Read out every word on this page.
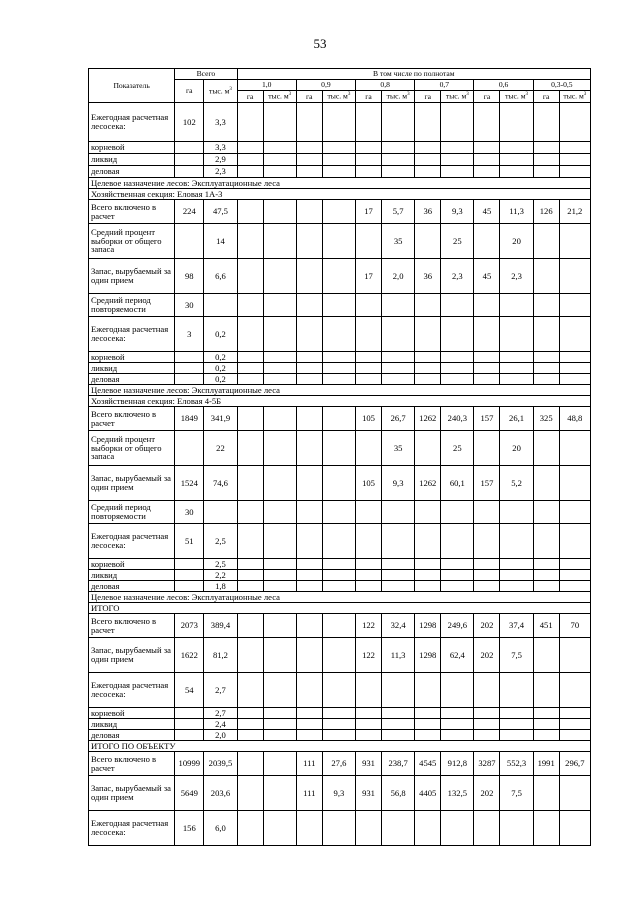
53
Показатель	Всего		В том числе по полнотам											
	га	тыс. $м^3$	1,0		0,9		0,8		0,7		0,6		0,3-0,5	
			га	тыс. $м^3$	га	тыс. $м^3$	га	тыс. $м^3$	га	тыс. $м^3$	га	тыс. $м^3$	га	тыс. $м^3$
Ежегодная расчетная лесосека:	102	3,3												
корневой		3,3												
ликвид		2,9												
деловая		2,3												
Целевое назначение лесов: Эксплуатационные леса														
Хозяйственная секция: Еловая 1А-3														
Всего включено в расчет	224	47,5					17	5,7	36	9,3	45	11,3	126	21,2
Средний процент выборки от общего запаса		14						35		25		20		
Запас, вырубаемый за один прием	98	6,6					17	2,0	36	2,3	45	2,3		
Средний период повторяемости	30													
Ежегодная расчетная лесосека:	3	0,2												
корневой		0,2												
ликвид		0,2												
деловая		0,2												
Целевое назначение лесов: Эксплуатационные леса														
Хозяйственная секция: Еловая 4-5Б														
Всего включено в расчет	1849	341,9					105	26,7	1262	240,3	157	26,1	325	48,8
Средний процент выборки от общего запаса		22						35		25		20		
Запас, вырубаемый за один прием	1524	74,6					105	9,3	1262	60,1	157	5,2		
Средний период повторяемости	30													
Ежегодная расчетная лесосека:	51	2,5												
корневой		2,5												
ликвид		2,2												
деловая		1,8												
Целевое назначение лесов: Эксплуатационные леса														
ИТОГО														
Всего включено в расчет	2073	389,4					122	32,4	1298	249,6	202	37,4	451	70
Запас, вырубаемый за один прием	1622	81,2					122	11,3	1298	62,4	202	7,5		
Ежегодная расчетная лесосека:	54	2,7												
корневой		2,7												
ликвид		2,4												
деловая		2,0												
ИТОГО ПО ОБЪЕКТУ														
Всего включено в расчет	10999	2039,5			111	27,6	931	238,7	4545	912,8	3287	552,3	1991	296,7
Запас, вырубаемый за один прием	5649	203,6			111	9,3	931	56,8	4405	132,5	202	7,5		
Ежегодная расчетная лесосека:	156	6,0												
